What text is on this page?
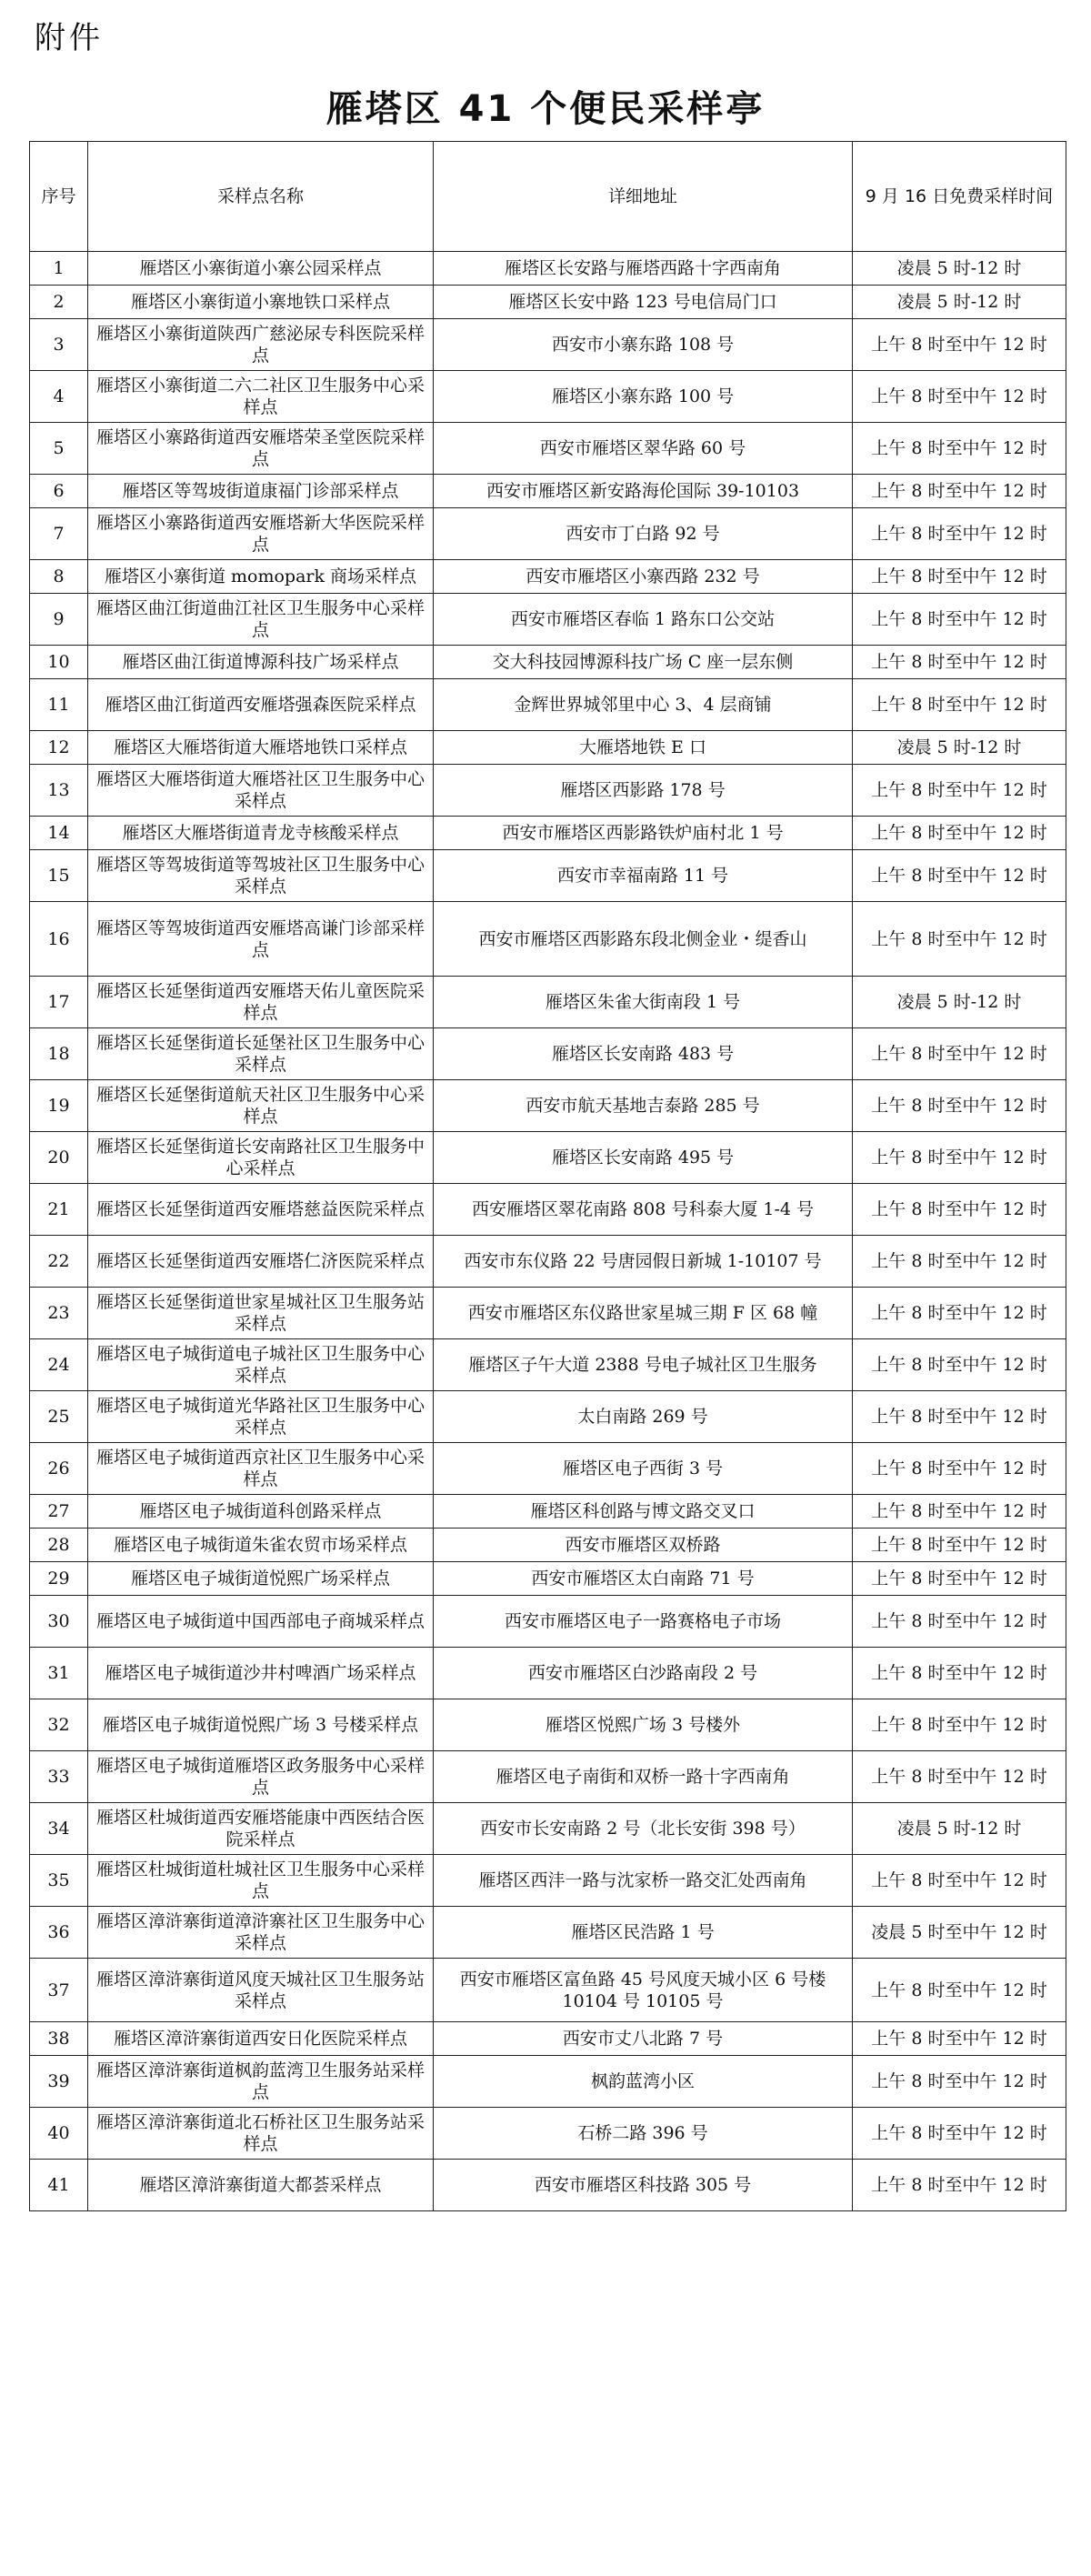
附件
雁塔区 41 个便民采样亭
序号	采样点名称	详细地址	9 月 16 日免费采样时间
1	雁塔区小寨街道小寨公园采样点	雁塔区长安路与雁塔西路十字西南角	凌晨 5 时-12 时
2	雁塔区小寨街道小寨地铁口采样点	雁塔区长安中路 123 号电信局门口	凌晨 5 时-12 时
3	雁塔区小寨街道陕西广慈泌尿专科医院采样点	西安市小寨东路 108 号	上午 8 时至中午 12 时
4	雁塔区小寨街道二六二社区卫生服务中心采样点	雁塔区小寨东路 100 号	上午 8 时至中午 12 时
5	雁塔区小寨路街道西安雁塔荣圣堂医院采样点	西安市雁塔区翠华路 60 号	上午 8 时至中午 12 时
6	雁塔区等驾坡街道康福门诊部采样点	西安市雁塔区新安路海伦国际 39-10103	上午 8 时至中午 12 时
7	雁塔区小寨路街道西安雁塔新大华医院采样点	西安市丁白路 92 号	上午 8 时至中午 12 时
8	雁塔区小寨街道 momopark 商场采样点	西安市雁塔区小寨西路 232 号	上午 8 时至中午 12 时
9	雁塔区曲江街道曲江社区卫生服务中心采样点	西安市雁塔区春临 1 路东口公交站	上午 8 时至中午 12 时
10	雁塔区曲江街道博源科技广场采样点	交大科技园博源科技广场 C 座一层东侧	上午 8 时至中午 12 时
11	雁塔区曲江街道西安雁塔强森医院采样点	金辉世界城邻里中心 3、4 层商铺	上午 8 时至中午 12 时
12	雁塔区大雁塔街道大雁塔地铁口采样点	大雁塔地铁 E 口	凌晨 5 时-12 时
13	雁塔区大雁塔街道大雁塔社区卫生服务中心采样点	雁塔区西影路 178 号	上午 8 时至中午 12 时
14	雁塔区大雁塔街道青龙寺核酸采样点	西安市雁塔区西影路铁炉庙村北 1 号	上午 8 时至中午 12 时
15	雁塔区等驾坡街道等驾坡社区卫生服务中心采样点	西安市幸福南路 11 号	上午 8 时至中午 12 时
16	雁塔区等驾坡街道西安雁塔高谦门诊部采样点	西安市雁塔区西影路东段北侧金业・缇香山	上午 8 时至中午 12 时
17	雁塔区长延堡街道西安雁塔天佑儿童医院采样点	雁塔区朱雀大街南段 1 号	凌晨 5 时-12 时
18	雁塔区长延堡街道长延堡社区卫生服务中心采样点	雁塔区长安南路 483 号	上午 8 时至中午 12 时
19	雁塔区长延堡街道航天社区卫生服务中心采样点	西安市航天基地吉泰路 285 号	上午 8 时至中午 12 时
20	雁塔区长延堡街道长安南路社区卫生服务中心采样点	雁塔区长安南路 495 号	上午 8 时至中午 12 时
21	雁塔区长延堡街道西安雁塔慈益医院采样点	西安雁塔区翠花南路 808 号科泰大厦 1-4 号	上午 8 时至中午 12 时
22	雁塔区长延堡街道西安雁塔仁济医院采样点	西安市东仪路 22 号唐园假日新城 1-10107 号	上午 8 时至中午 12 时
23	雁塔区长延堡街道世家星城社区卫生服务站采样点	西安市雁塔区东仪路世家星城三期 F 区 68 幢	上午 8 时至中午 12 时
24	雁塔区电子城街道电子城社区卫生服务中心采样点	雁塔区子午大道 2388 号电子城社区卫生服务	上午 8 时至中午 12 时
25	雁塔区电子城街道光华路社区卫生服务中心采样点	太白南路 269 号	上午 8 时至中午 12 时
26	雁塔区电子城街道西京社区卫生服务中心采样点	雁塔区电子西街 3 号	上午 8 时至中午 12 时
27	雁塔区电子城街道科创路采样点	雁塔区科创路与博文路交叉口	上午 8 时至中午 12 时
28	雁塔区电子城街道朱雀农贸市场采样点	西安市雁塔区双桥路	上午 8 时至中午 12 时
29	雁塔区电子城街道悦熙广场采样点	西安市雁塔区太白南路 71 号	上午 8 时至中午 12 时
30	雁塔区电子城街道中国西部电子商城采样点	西安市雁塔区电子一路赛格电子市场	上午 8 时至中午 12 时
31	雁塔区电子城街道沙井村啤酒广场采样点	西安市雁塔区白沙路南段 2 号	上午 8 时至中午 12 时
32	雁塔区电子城街道悦熙广场 3 号楼采样点	雁塔区悦熙广场 3 号楼外	上午 8 时至中午 12 时
33	雁塔区电子城街道雁塔区政务服务中心采样点	雁塔区电子南街和双桥一路十字西南角	上午 8 时至中午 12 时
34	雁塔区杜城街道西安雁塔能康中西医结合医院采样点	西安市长安南路 2 号（北长安街 398 号）	凌晨 5 时-12 时
35	雁塔区杜城街道杜城社区卫生服务中心采样点	雁塔区西沣一路与沈家桥一路交汇处西南角	上午 8 时至中午 12 时
36	雁塔区漳浒寨街道漳浒寨社区卫生服务中心采样点	雁塔区民浩路 1 号	凌晨 5 时至中午 12 时
37	雁塔区漳浒寨街道风度天城社区卫生服务站采样点	西安市雁塔区富鱼路 45 号风度天城小区 6 号楼 10104 号 10105 号	上午 8 时至中午 12 时
38	雁塔区漳浒寨街道西安日化医院采样点	西安市丈八北路 7 号	上午 8 时至中午 12 时
39	雁塔区漳浒寨街道枫韵蓝湾卫生服务站采样点	枫韵蓝湾小区	上午 8 时至中午 12 时
40	雁塔区漳浒寨街道北石桥社区卫生服务站采样点	石桥二路 396 号	上午 8 时至中午 12 时
41	雁塔区漳浒寨街道大都荟采样点	西安市雁塔区科技路 305 号	上午 8 时至中午 12 时
